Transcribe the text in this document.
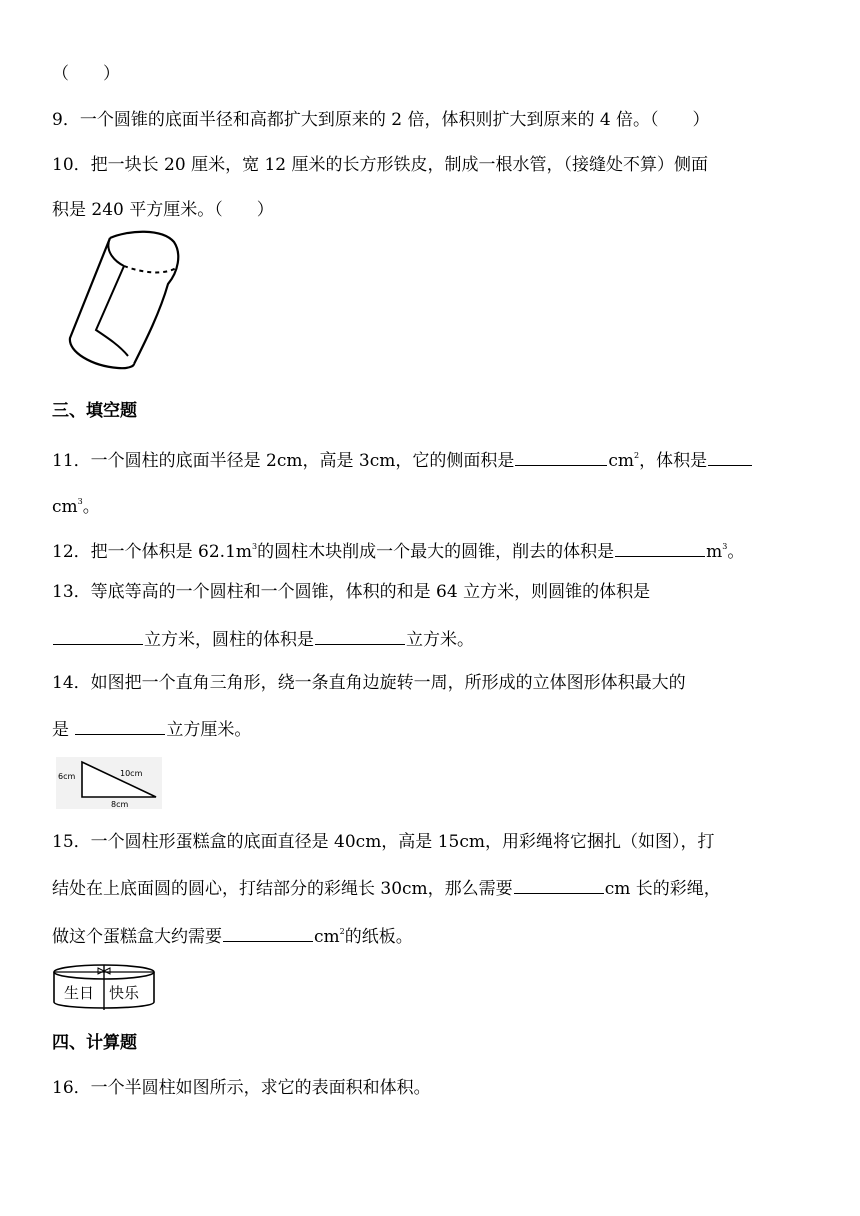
（　　）
9．一个圆锥的底面半径和高都扩大到原来的 2 倍，体积则扩大到原来的 4 倍。（　　）
10．把一块长 20 厘米，宽 12 厘米的长方形铁皮，制成一根水管，（接缝处不算）侧面
积是 240 平方厘米。（　　）
三、填空题
11．一个圆柱的底面半径是 2cm，高是 3cm，它的侧面积是	$cm^2$，体积是
$cm^3$。
12．把一个体积是 $62.1m^3$的圆柱木块削成一个最大的圆锥，削去的体积是	$m^3$。
13．等底等高的一个圆柱和一个圆锥，体积的和是 64 立方米，则圆锥的体积是
立方米，圆柱的体积是	立方米。
14．如图把一个直角三角形，绕一条直角边旋转一周，所形成的立体图形体积最大的
是	立方厘米。
6cm	10cm
8cm
15．一个圆柱形蛋糕盒的底面直径是 40cm，高是 15cm，用彩绳将它捆扎（如图），打
结处在上底面圆的圆心，打结部分的彩绳长 30cm，那么需要	cm 长的彩绳，
做这个蛋糕盒大约需要	$cm^2$的纸板。
生日 快乐
四、计算题
16．一个半圆柱如图所示，求它的表面积和体积。
